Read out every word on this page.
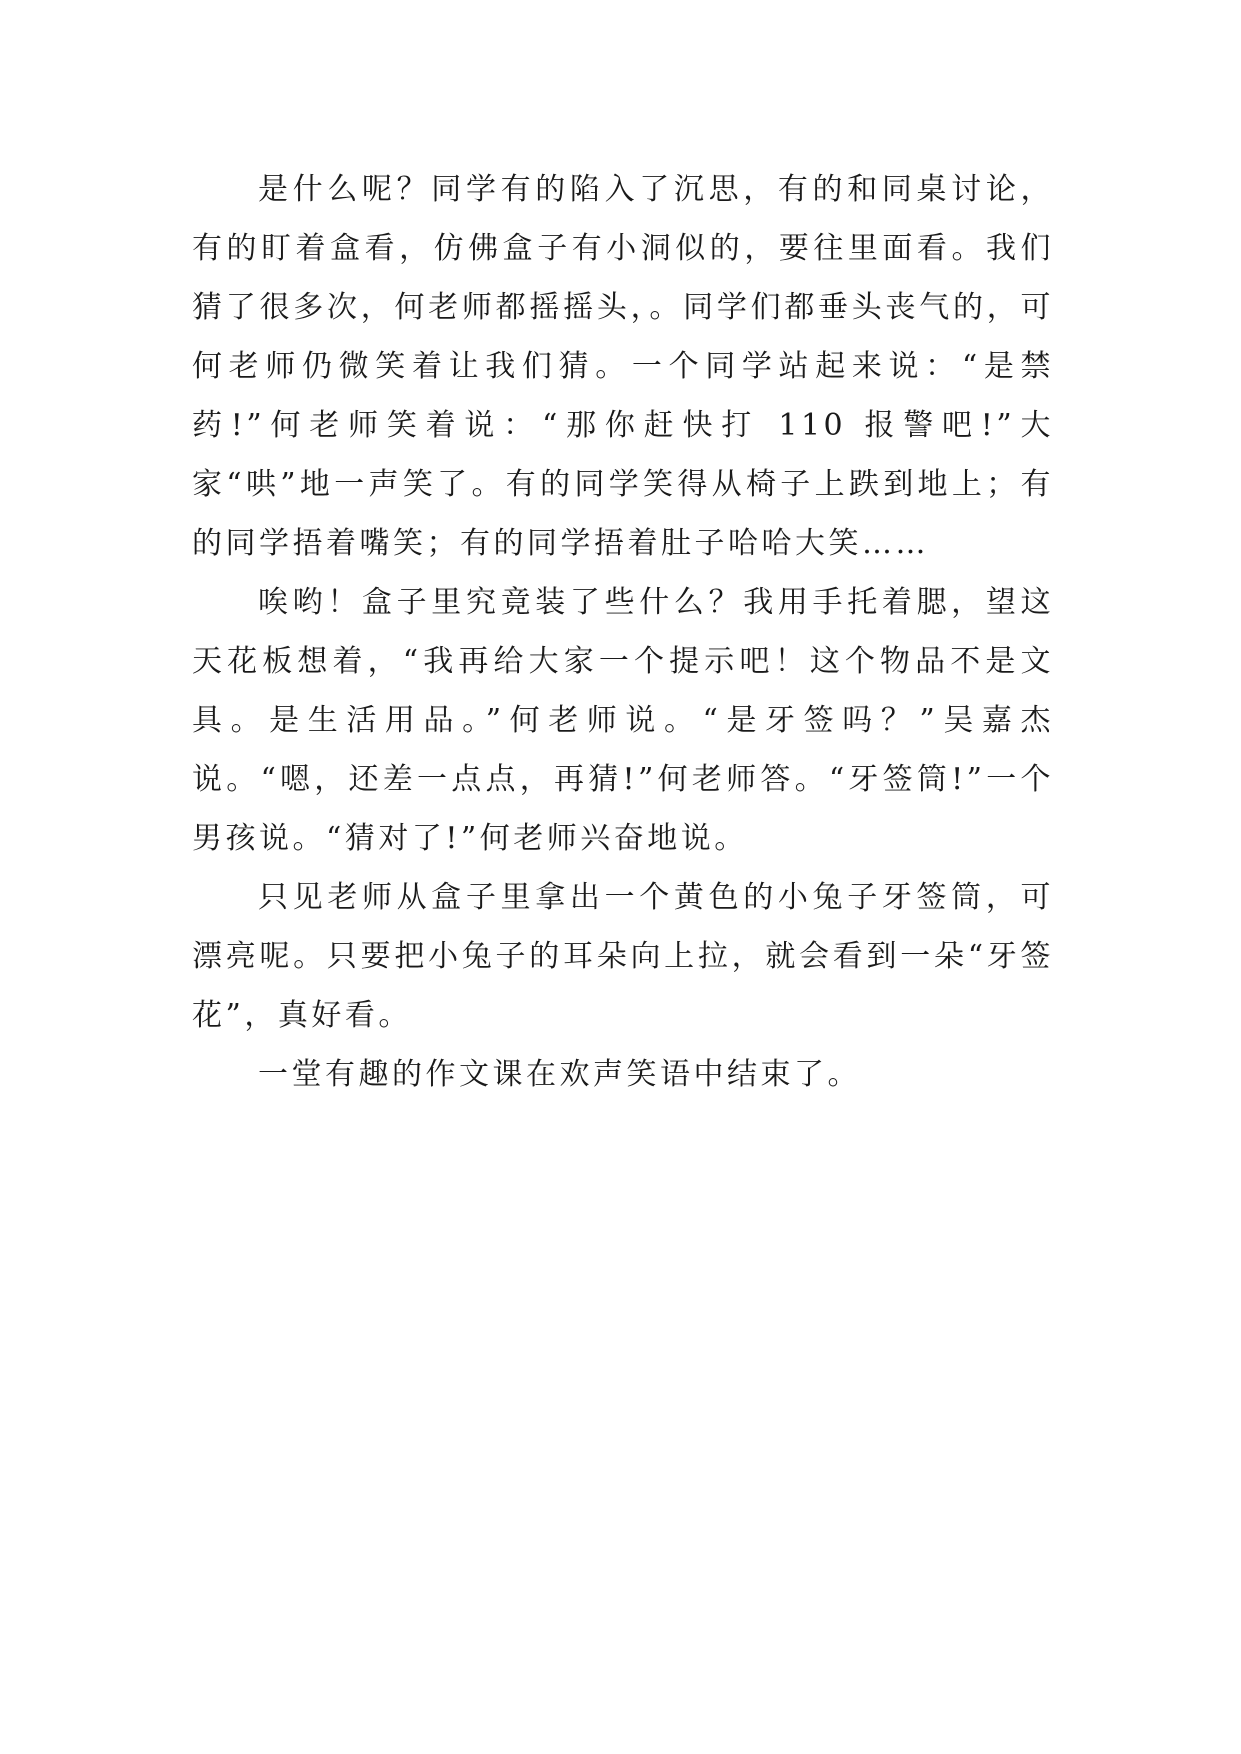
是什么呢？同学有的陷入了沉思，有的和同桌讨论，有的盯着盒看，仿佛盒子有小洞似的，要往里面看。我们猜了很多次，何老师都摇摇头，。同学们都垂头丧气的，可何老师仍微笑着让我们猜。一个同学站起来说：“是禁药!”何老师笑着说：“那你赶快打 110 报警吧!”大家“哄”地一声笑了。有的同学笑得从椅子上跌到地上；有的同学捂着嘴笑；有的同学捂着肚子哈哈大笑……

唉哟！盒子里究竟装了些什么？我用手托着腮，望这天花板想着，“我再给大家一个提示吧！这个物品不是文具。是生活用品。”何老师说。“是牙签吗？”吴嘉杰说。“嗯，还差一点点，再猜!”何老师答。“牙签筒!”一个男孩说。“猜对了!”何老师兴奋地说。

只见老师从盒子里拿出一个黄色的小兔子牙签筒，可漂亮呢。只要把小兔子的耳朵向上拉，就会看到一朵“牙签花”，真好看。

一堂有趣的作文课在欢声笑语中结束了。
